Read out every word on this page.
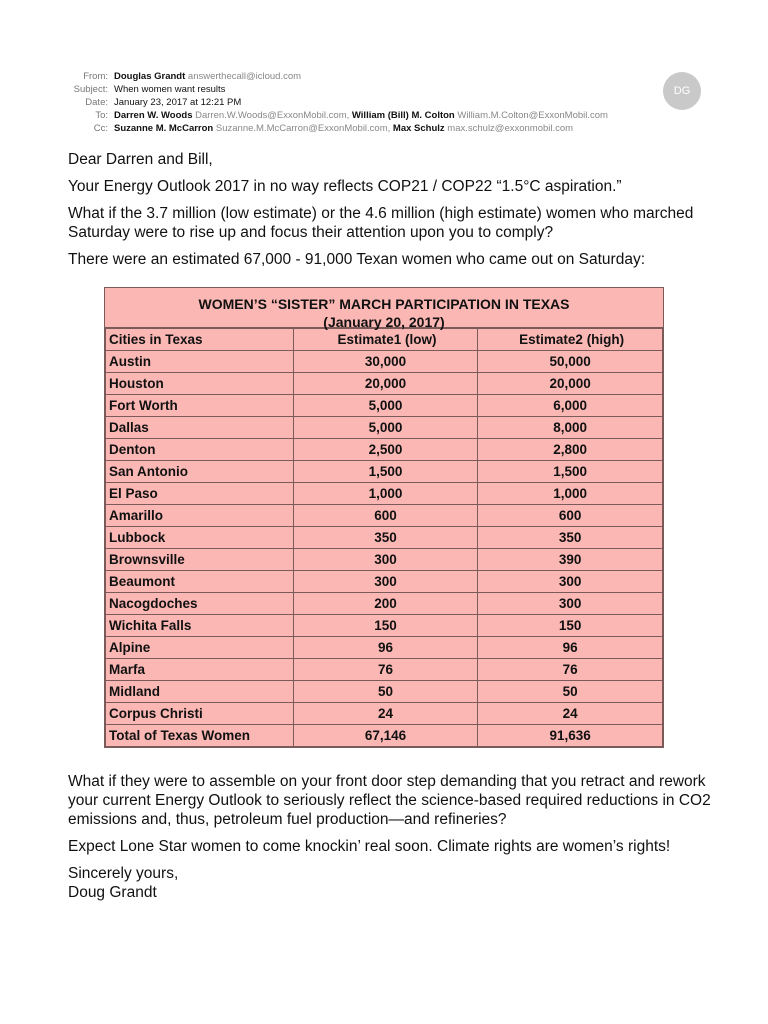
From: Douglas Grandt answerthecall@icloud.com
Subject: When women want results
Date: January 23, 2017 at 12:21 PM
To: Darren W. Woods Darren.W.Woods@ExxonMobil.com, William (Bill) M. Colton William.M.Colton@ExxonMobil.com
Cc: Suzanne M. McCarron Suzanne.M.McCarron@ExxonMobil.com, Max Schulz max.schulz@exxonmobil.com
DG

Dear Darren and Bill,

Your Energy Outlook 2017 in no way reflects COP21 / COP22 “1.5°C aspiration.”

What if the 3.7 million (low estimate) or the 4.6 million (high estimate) women who marched Saturday were to rise up and focus their attention upon you to comply?

There were an estimated 67,000 - 91,000 Texan women who came out on Saturday:

WOMEN’S “SISTER” MARCH PARTICIPATION IN TEXAS
(January 20, 2017)
Cities in Texas	Estimate1 (low)	Estimate2 (high)
Austin	30,000	50,000
Houston	20,000	20,000
Fort Worth	5,000	6,000
Dallas	5,000	8,000
Denton	2,500	2,800
San Antonio	1,500	1,500
El Paso	1,000	1,000
Amarillo	600	600
Lubbock	350	350
Brownsville	300	390
Beaumont	300	300
Nacogdoches	200	300
Wichita Falls	150	150
Alpine	96	96
Marfa	76	76
Midland	50	50
Corpus Christi	24	24
Total of Texas Women	67,146	91,636

What if they were to assemble on your front door step demanding that you retract and rework your current Energy Outlook to seriously reflect the science-based required reductions in CO2 emissions and, thus, petroleum fuel production—and refineries?

Expect Lone Star women to come knockin’ real soon. Climate rights are women’s rights!

Sincerely yours,
Doug Grandt
